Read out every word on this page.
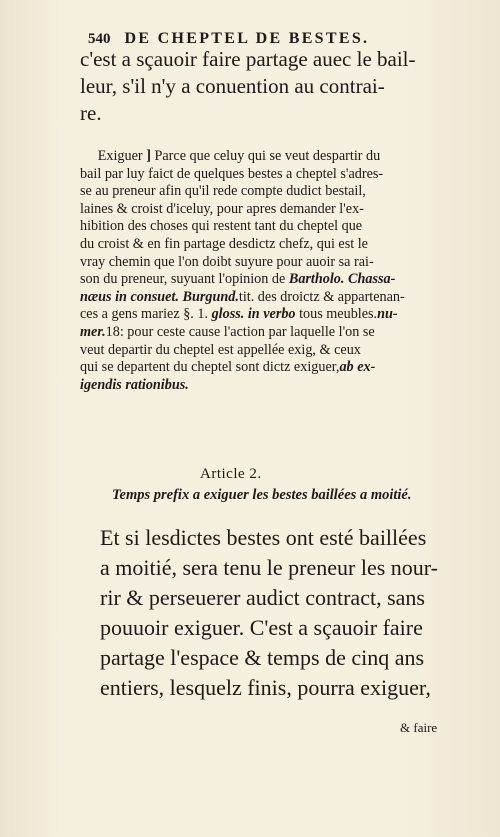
540 DE CHEPTEL DE BESTES.

c'est a sçauoir faire partage auec le bail-
leur, s'il n'y a conuention au contrai-
re.

Exiguer ] Parce que celuy qui se veut despartir du
bail par luy faict de quelques bestes a cheptel s'adres-
se au preneur afin qu'il rede compte dudict bestail,
laines & croist d'iceluy, pour apres demander l'ex-
hibition des choses qui restent tant du cheptel que
du croist & en fin partage desdictz chefz, qui est le
vray chemin que l'on doibt suyure pour auoir sa rai-
son du preneur, suyuant l'opinion de Bartholo. Chassa-
næus in consuet. Burgund.tit. des droictz & appartenan-
ces a gens mariez §. 1. gloss. in verbo tous meubles.nu-
mer.18: pour ceste cause l'action par laquelle l'on se
veut departir du cheptel est appellée exig, & ceux
qui se departent du cheptel sont dictz exiguer,ab ex-
igendis rationibus.

Article 2.
Temps prefix a exiguer les bestes baillées a moitié.

Et si lesdictes bestes ont esté baillées
a moitié, sera tenu le preneur les nour-
rir & perseuerer audict contract, sans
pouuoir exiguer. C'est a sçauoir faire
partage l'espace & temps de cinq ans
entiers, lesquelz finis, pourra exiguer,

& faire
